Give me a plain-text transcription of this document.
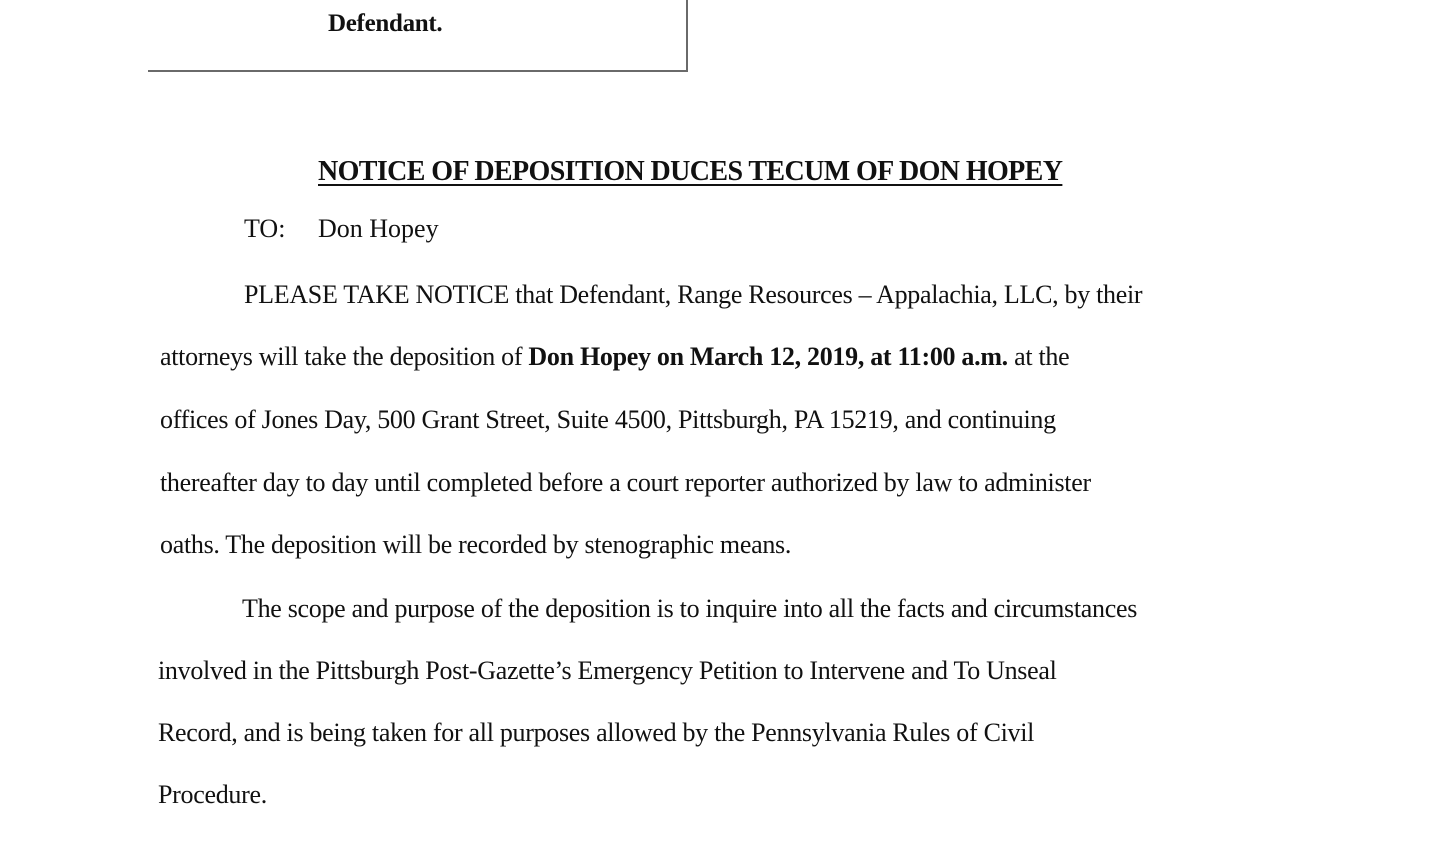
Defendant.
NOTICE OF DEPOSITION DUCES TECUM OF DON HOPEY
TO: Don Hopey
PLEASE TAKE NOTICE that Defendant, Range Resources – Appalachia, LLC, by their
attorneys will take the deposition of Don Hopey on March 12, 2019, at 11:00 a.m. at the
offices of Jones Day, 500 Grant Street, Suite 4500, Pittsburgh, PA 15219, and continuing
thereafter day to day until completed before a court reporter authorized by law to administer
oaths. The deposition will be recorded by stenographic means.
The scope and purpose of the deposition is to inquire into all the facts and circumstances
involved in the Pittsburgh Post-Gazette’s Emergency Petition to Intervene and To Unseal
Record, and is being taken for all purposes allowed by the Pennsylvania Rules of Civil
Procedure.
